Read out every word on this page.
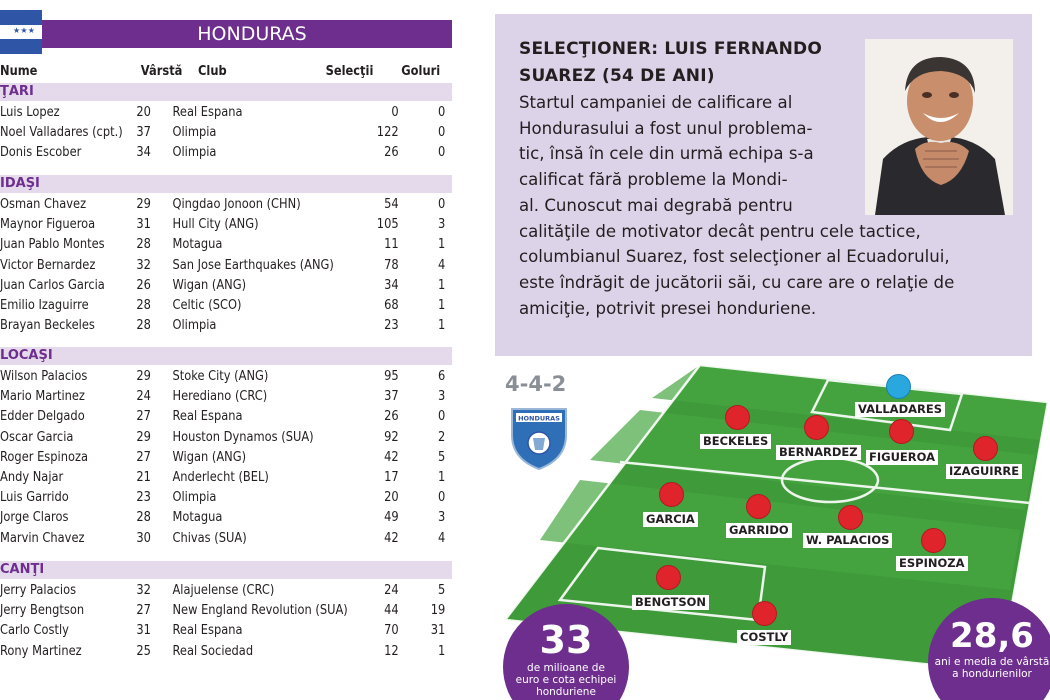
★ ★ ★	HONDURAS
Nume	Vârstă Club	Selecţii Goluri
ŢARI
Luis Lopez	20 Real Espana	0	0
Noel Valladares (cpt.) 37 Olimpia	122	0
Donis Escober	34 Olimpia	26	0
IDAŞI
Osman Chavez	29 Qingdao Jonoon (CHN)	54	0
Maynor Figueroa	31 Hull City (ANG)	105	3
Juan Pablo Montes 28 Motagua	11	1
Victor Bernardez	32 San Jose Earthquakes (ANG)	78	4
Juan Carlos Garcia 26 Wigan (ANG)	34	1
Emilio Izaguirre	28 Celtic (SCO)	68	1
Brayan Beckeles	28 Olimpia	23	1
LOCAŞI
Wilson Palacios	29 Stoke City (ANG)	95	6
Mario Martinez	24 Herediano (CRC)	37	3
Edder Delgado	27 Real Espana	26	0
Oscar Garcia	29 Houston Dynamos (SUA)	92	2
Roger Espinoza	27 Wigan (ANG)	42	5
Andy Najar	21 Anderlecht (BEL)	17	1
Luis Garrido	23 Olimpia	20	0
Jorge Claros	28 Motagua	49	3
Marvin Chavez	30 Chivas (SUA)	42	4
CANŢI
Jerry Palacios	32 Alajuelense (CRC)	24	5
Jerry Bengtson	27 New England Revolution (SUA)	44	19
Carlo Costly	31 Real Espana	70	31
Rony Martinez	25 Real Sociedad	12	1
SELECŢIONER: LUIS FERNANDO
SUAREZ (54 DE ANI)
Startul campaniei de calificare al
Hondurasului a fost unul problema-
tic, însă în cele din urmă echipa s-a
calificat fără probleme la Mondi-
al. Cunoscut mai degrabă pentru
calităţile de motivator decât pentru cele tactice,
columbianul Suarez, fost selecţioner al Ecuadorului,
este îndrăgit de jucătorii săi, cu care are o relaţie de
amiciţie, potrivit presei honduriene.
4-4-2
HONDURAS
VALLADARES
BECKELES
BERNARDEZ FIGUEROA
IZAGUIRRE
GARCIA
GARRIDO
W. PALACIOS
ESPINOZA
BENGTSON
COSTLY
33
de milioane de
euro e cota echipei
honduriene
28,6
ani e media de vârstă
a hondurienilor
